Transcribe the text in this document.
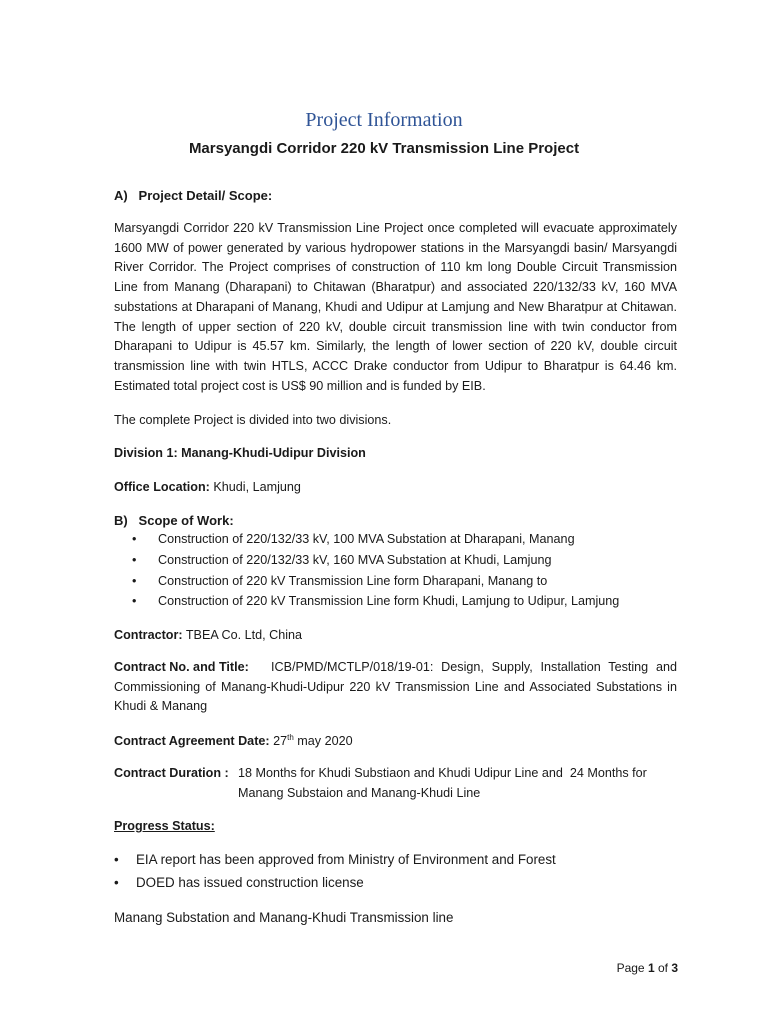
Project Information
Marsyangdi Corridor 220 kV Transmission Line Project
A)   Project Detail/ Scope:
Marsyangdi Corridor 220 kV Transmission Line Project once completed will evacuate approximately 1600 MW of power generated by various hydropower stations in the Marsyangdi basin/ Marsyangdi River Corridor. The Project comprises of construction of 110 km long Double Circuit Transmission Line from Manang (Dharapani) to Chitawan (Bharatpur) and associated 220/132/33 kV, 160 MVA substations at Dharapani of Manang, Khudi and Udipur at Lamjung and New Bharatpur at Chitawan. The length of upper section of 220 kV, double circuit transmission line with twin conductor from Dharapani to Udipur is 45.57 km. Similarly, the length of lower section of 220 kV, double circuit transmission line with twin HTLS, ACCC Drake conductor from Udipur to Bharatpur is 64.46 km. Estimated total project cost is US$ 90 million and is funded by EIB.
The complete Project is divided into two divisions.
Division 1: Manang-Khudi-Udipur Division
Office Location: Khudi, Lamjung
B)   Scope of Work:
• Construction of 220/132/33 kV, 100 MVA Substation at Dharapani, Manang
• Construction of 220/132/33 kV, 160 MVA Substation at Khudi, Lamjung
• Construction of 220 kV Transmission Line form Dharapani, Manang to
• Construction of 220 kV Transmission Line form Khudi, Lamjung to Udipur, Lamjung
Contractor: TBEA Co. Ltd, China
Contract No. and Title: ICB/PMD/MCTLP/018/19-01: Design, Supply, Installation Testing and Commissioning of Manang-Khudi-Udipur 220 kV Transmission Line and Associated Substations in Khudi & Manang
Contract Agreement Date: 27th may 2020
Contract Duration : 18 Months for Khudi Substiaon and Khudi Udipur Line and  24 Months for
Manang Substaion and Manang-Khudi Line
Progress Status:
• EIA report has been approved from Ministry of Environment and Forest
• DOED has issued construction license
Manang Substation and Manang-Khudi Transmission line
Page 1 of 3
